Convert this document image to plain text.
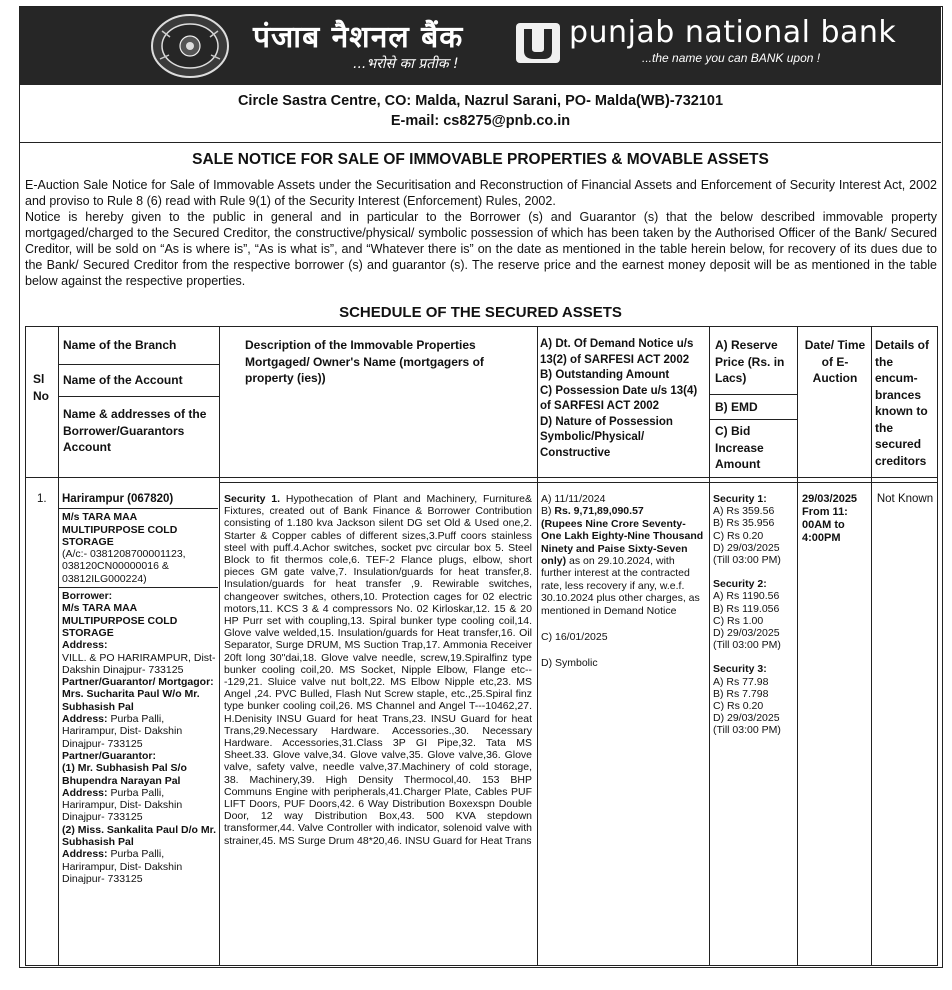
पंजाब नैशनल बैंक
...भरोसे का प्रतीक !
punjab national bank
...the name you can BANK upon !
Circle Sastra Centre, CO: Malda, Nazrul Sarani, PO- Malda(WB)-732101
E-mail: cs8275@pnb.co.in
SALE NOTICE FOR SALE OF IMMOVABLE PROPERTIES & MOVABLE ASSETS

E-Auction Sale Notice for Sale of Immovable Assets under the Securitisation and Reconstruction of Financial Assets and Enforcement of Security Interest Act, 2002 and proviso to Rule 8 (6) read with Rule 9(1) of the Security Interest (Enforcement) Rules, 2002.

Notice is hereby given to the public in general and in particular to the Borrower (s) and Guarantor (s) that the below described immovable property mortgaged/charged to the Secured Creditor, the constructive/physical/ symbolic possession of which has been taken by the Authorised Officer of the Bank/ Secured Creditor, will be sold on “As is where is”, “As is what is”, and “Whatever there is” on the date as mentioned in the table herein below, for recovery of its dues due to the Bank/ Secured Creditor from the respective borrower (s) and guarantor (s). The reserve price and the earnest money deposit will be as mentioned in the table below against the respective properties.

SCHEDULE OF THE SECURED ASSETS
Sl No
Name of the Branch
Name of the Account
Name & addresses of the Borrower/Guarantors Account
Description of the Immovable Properties Mortgaged/ Owner's Name (mortgagers of property (ies))
A) Dt. Of Demand Notice u/s 13(2) of SARFESI ACT 2002
B) Outstanding Amount
C) Possession Date u/s 13(4) of SARFESI ACT 2002
D) Nature of Possession Symbolic/Physical/ Constructive
A) Reserve Price (Rs. in Lacs)
B) EMD
C) Bid Increase Amount
Date/ Time of E-Auction
Details of the encum-brances known to the secured creditors
1.	Harirampur (067820)
M/s TARA MAA MULTIPURPOSE COLD STORAGE
(A/c:- 0381208700001123, 038120CN00000016 & 03812ILG000224)
Borrower:
M/s TARA MAA MULTIPURPOSE COLD STORAGE
Address:
VILL. & PO HARIRAMPUR, Dist- Dakshin Dinajpur- 733125
Partner/Guarantor/ Mortgagor:
Mrs. Sucharita Paul W/o Mr. Subhasish Pal
Address: Purba Palli, Harirampur, Dist- Dakshin Dinajpur- 733125
Partner/Guarantor:
(1) Mr. Subhasish Pal S/o Bhupendra Narayan Pal
Address: Purba Palli, Harirampur, Dist- Dakshin Dinajpur- 733125
(2) Miss. Sankalita Paul D/o Mr. Subhasish Pal
Address: Purba Palli, Harirampur, Dist- Dakshin Dinajpur- 733125
Security 1. Hypothecation of Plant and Machinery, Furniture& Fixtures, created out of Bank Finance & Borrower Contribution consisting of 1.180 kva Jackson silent DG set Old & Used one,2. Starter & Copper cables of different sizes,3.Puff coors stainless steel with puff.4.Achor switches, socket pvc circular box 5. Steel Block to fit thermos cole,6. TEF-2 Flance plugs, elbow, short pieces GM gate valve,7. Insulation/guards for heat transfer,8. Insulation/guards for heat transfer ,9. Rewirable switches, changeover switches, others,10. Protection cages for 02 electric motors,11. KCS 3 & 4 compressors No. 02 Kirloskar,12. 15 & 20 HP Purr set with coupling,13. Spiral bunker type cooling coil,14. Glove valve welded,15. Insulation/guards for Heat transfer,16. Oil Separator, Surge DRUM, MS Suction Trap,17. Ammonia Receiver 20ft long 30"dai,18. Glove valve needle, screw,19.Spiralfinz type bunker cooling coil,20. MS Socket, Nipple Elbow, Flange etc---129,21. Sluice valve nut bolt,22. MS Elbow Nipple etc,23. MS Angel ,24. PVC Bulled, Flash Nut Screw staple, etc.,25.Spiral finz type bunker cooling coil,26. MS Channel and Angel T---10462,27. H.Denisity INSU Guard for heat Trans,23. INSU Guard for heat Trans,29.Necessary Hardware. Accessories.,30. Necessary Hardware. Accessories,31.Class 3P GI Pipe,32. Tata MS Sheet.33. Glove valve,34. Glove valve,35. Glove valve,36. Glove valve, safety valve, needle valve,37.Machinery of cold storage, 38. Machinery,39. High Density Thermocol,40. 153 BHP Communs Engine with peripherals,41.Charger Plate, Cables PUF LIFT Doors, PUF Doors,42. 6 Way Distribution Boxexspn Double Door, 12 way Distribution Box,43. 500 KVA stepdown transformer,44. Valve Controller with indicator, solenoid valve with strainer,45. MS Surge Drum 48*20,46. INSU Guard for Heat Trans
A) 11/11/2024
B) Rs. 9,71,89,090.57
(Rupees Nine Crore Seventy-One Lakh Eighty-Nine Thousand Ninety and Paise Sixty-Seven only) as on 29.10.2024, with further interest at the contracted rate, less recovery if any, w.e.f. 30.10.2024 plus other charges, as mentioned in Demand Notice
C) 16/01/2025
D) Symbolic
Security 1:
A) Rs 359.56
B) Rs 35.956
C) Rs 0.20
D) 29/03/2025
(Till 03:00 PM)
Security 2:
A) Rs 1190.56
B) Rs 119.056
C) Rs 1.00
D) 29/03/2025
(Till 03:00 PM)
Security 3:
A) Rs 77.98
B) Rs 7.798
C) Rs 0.20
D) 29/03/2025
(Till 03:00 PM)
29/03/2025
From 11: 00AM to 4:00PM
Not Known
